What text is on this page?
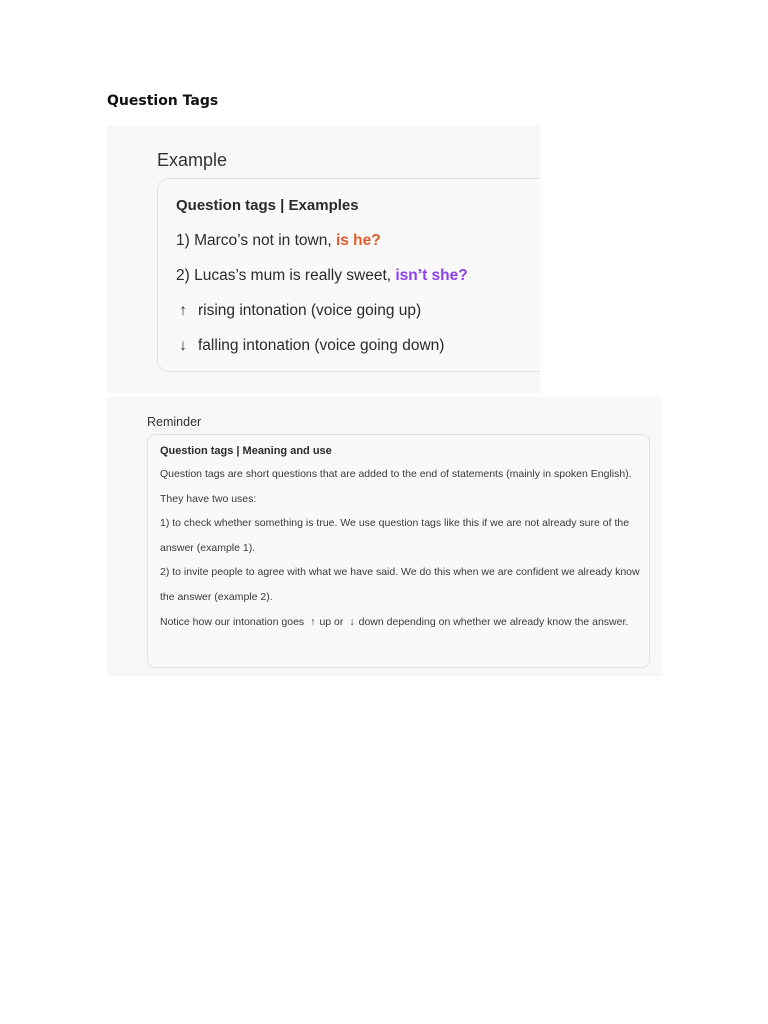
Question Tags
Example
Question tags | Examples
1) Marco’s not in town, is he?
2) Lucas’s mum is really sweet, isn’t she?
↑ rising intonation (voice going up)
↓ falling intonation (voice going down)
Reminder
Question tags | Meaning and use

Question tags are short questions that are added to the end of statements (mainly in spoken English). They have two uses:

1) to check whether something is true. We use question tags like this if we are not already sure of the answer (example 1).

2) to invite people to agree with what we have said. We do this when we are confident we already know the answer (example 2).

Notice how our intonation goes ↑ up or ↓ down depending on whether we already know the answer.
